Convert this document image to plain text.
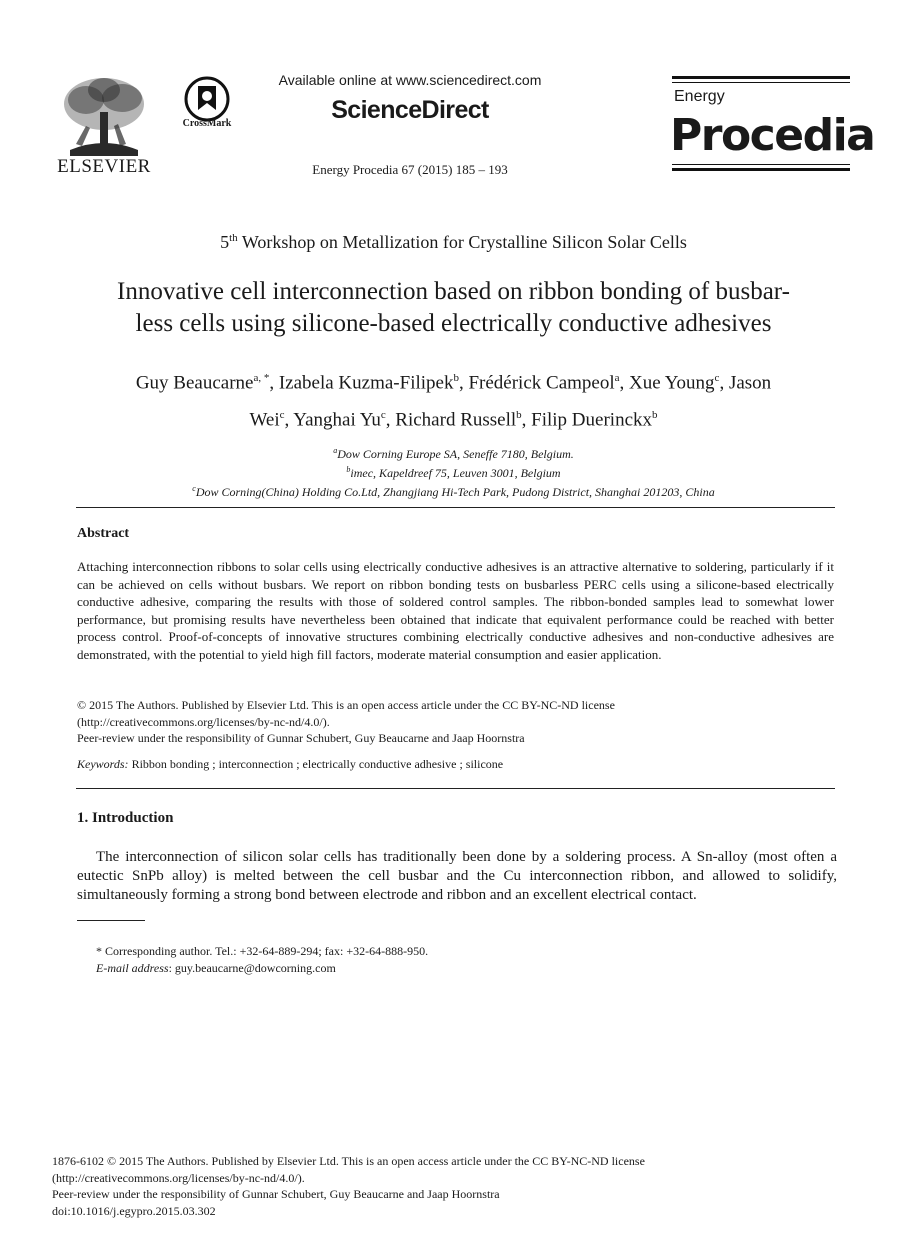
ELSEVIER
CrossMark
Available online at www.sciencedirect.com
ScienceDirect
Energy Procedia 67 (2015) 185 – 193
Energy
Procedia
5th Workshop on Metallization for Crystalline Silicon Solar Cells
Innovative cell interconnection based on ribbon bonding of busbar-
less cells using silicone-based electrically conductive adhesives
Guy Beaucarne$^{a, *}$, Izabela Kuzma-Filipek$^b$, Frédérick Campeol$^a$, Xue Young$^c$, Jason
Wei$^c$, Yanghai Yu$^c$, Richard Russell$^b$, Filip Duerinckx$^b$
$^a$Dow Corning Europe SA, Seneffe 7180, Belgium.
$^b$imec, Kapeldreef 75, Leuven 3001, Belgium
$^c$Dow Corning(China) Holding Co.Ltd, Zhangjiang Hi-Tech Park, Pudong District, Shanghai 201203, China
Abstract
Attaching interconnection ribbons to solar cells using electrically conductive adhesives is an attractive alternative to soldering, particularly if it can be achieved on cells without busbars. We report on ribbon bonding tests on busbarless PERC cells using a silicone-based electrically conductive adhesive, comparing the results with those of soldered control samples. The ribbon-bonded samples lead to somewhat lower performance, but promising results have nevertheless been obtained that indicate that equivalent performance could be reached with better process control. Proof-of-concepts of innovative structures combining electrically conductive adhesives and non-conductive adhesives are demonstrated, with the potential to yield high fill factors, moderate material consumption and easier application.
© 2015 The Authors. Published by Elsevier Ltd. This is an open access article under the CC BY-NC-ND license
(http://creativecommons.org/licenses/by-nc-nd/4.0/).
Peer-review under the responsibility of Gunnar Schubert, Guy Beaucarne and Jaap Hoornstra
Keywords: Ribbon bonding ; interconnection ; electrically conductive adhesive ; silicone
1. Introduction
The interconnection of silicon solar cells has traditionally been done by a soldering process. A Sn-alloy (most often a eutectic SnPb alloy) is melted between the cell busbar and the Cu interconnection ribbon, and allowed to solidify, simultaneously forming a strong bond between electrode and ribbon and an excellent electrical contact.
* Corresponding author. Tel.: +32-64-889-294; fax: +32-64-888-950.
E-mail address: guy.beaucarne@dowcorning.com
1876-6102 © 2015 The Authors. Published by Elsevier Ltd. This is an open access article under the CC BY-NC-ND license
(http://creativecommons.org/licenses/by-nc-nd/4.0/).
Peer-review under the responsibility of Gunnar Schubert, Guy Beaucarne and Jaap Hoornstra
doi:10.1016/j.egypro.2015.03.302
